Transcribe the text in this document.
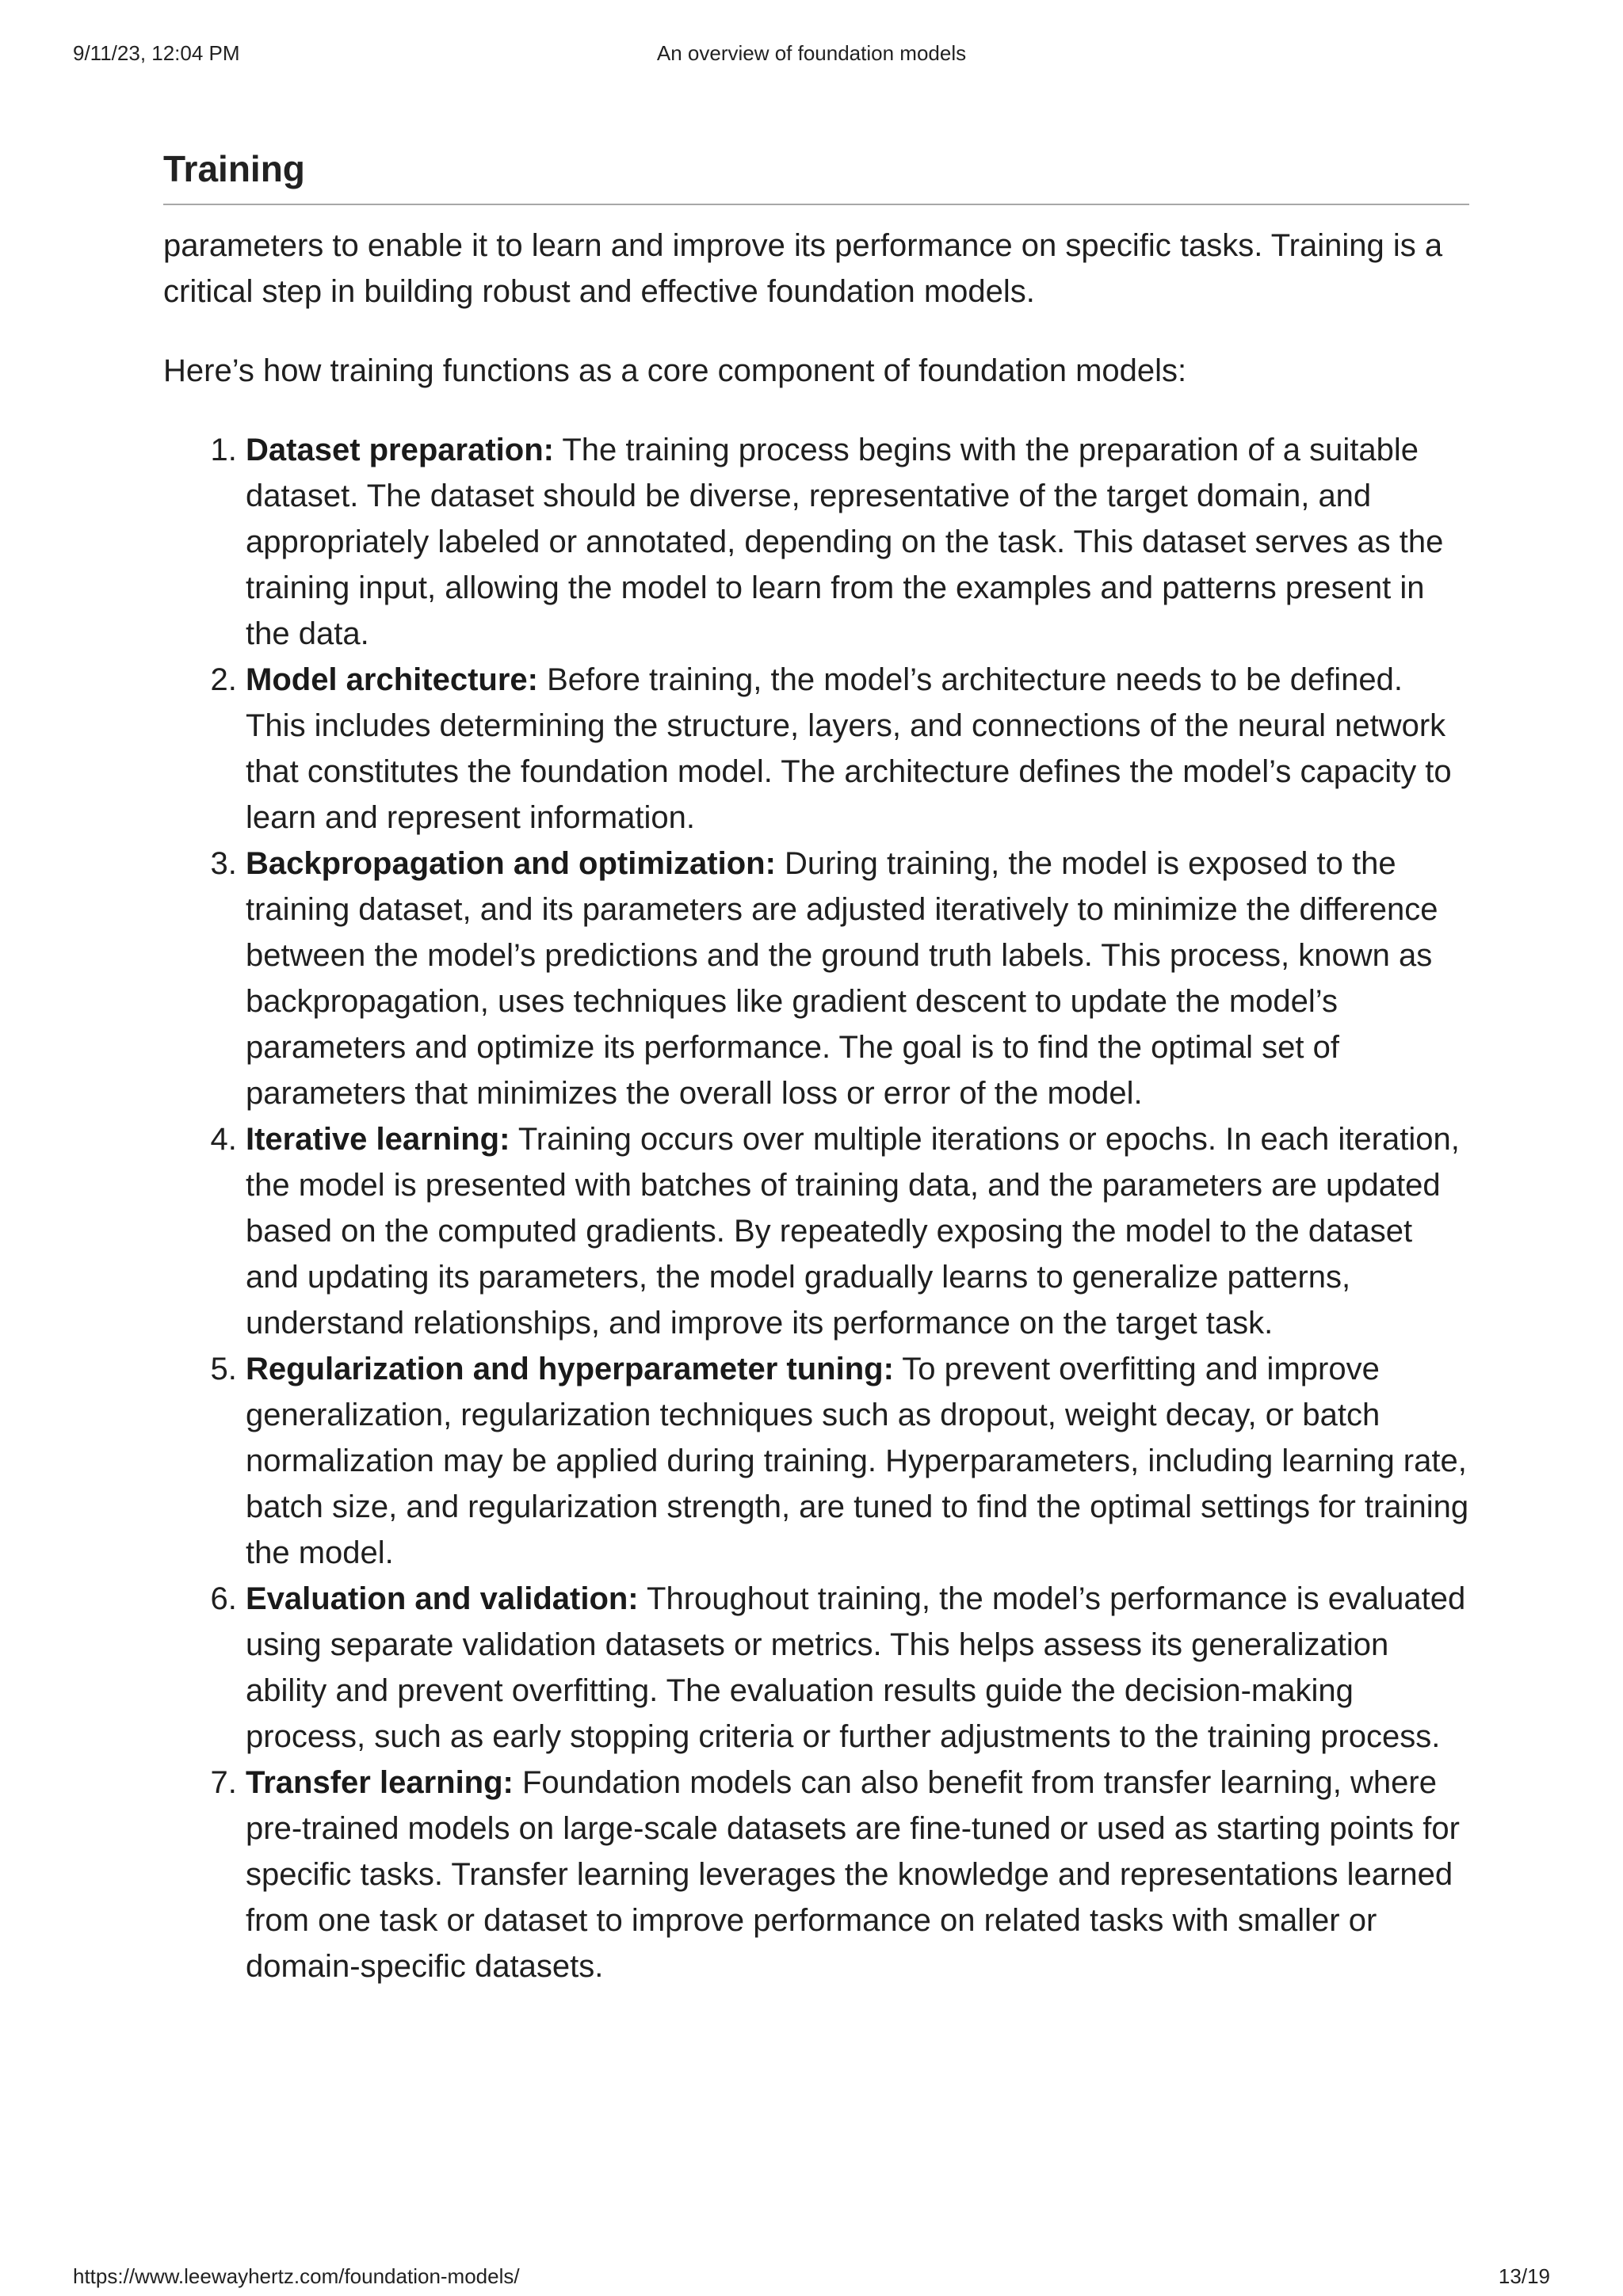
9/11/23, 12:04 PM	An overview of foundation models
Training

parameters to enable it to learn and improve its performance on specific tasks. Training is a critical step in building robust and effective foundation models.

Here’s how training functions as a core component of foundation models:

1. Dataset preparation: The training process begins with the preparation of a suitable dataset. The dataset should be diverse, representative of the target domain, and appropriately labeled or annotated, depending on the task. This dataset serves as the training input, allowing the model to learn from the examples and patterns present in the data.
2. Model architecture: Before training, the model’s architecture needs to be defined. This includes determining the structure, layers, and connections of the neural network that constitutes the foundation model. The architecture defines the model’s capacity to learn and represent information.
3. Backpropagation and optimization: During training, the model is exposed to the training dataset, and its parameters are adjusted iteratively to minimize the difference between the model’s predictions and the ground truth labels. This process, known as backpropagation, uses techniques like gradient descent to update the model’s parameters and optimize its performance. The goal is to find the optimal set of parameters that minimizes the overall loss or error of the model.
4. Iterative learning: Training occurs over multiple iterations or epochs. In each iteration, the model is presented with batches of training data, and the parameters are updated based on the computed gradients. By repeatedly exposing the model to the dataset and updating its parameters, the model gradually learns to generalize patterns, understand relationships, and improve its performance on the target task.
5. Regularization and hyperparameter tuning: To prevent overfitting and improve generalization, regularization techniques such as dropout, weight decay, or batch normalization may be applied during training. Hyperparameters, including learning rate, batch size, and regularization strength, are tuned to find the optimal settings for training the model.
6. Evaluation and validation: Throughout training, the model’s performance is evaluated using separate validation datasets or metrics. This helps assess its generalization ability and prevent overfitting. The evaluation results guide the decision-making process, such as early stopping criteria or further adjustments to the training process.
7. Transfer learning: Foundation models can also benefit from transfer learning, where pre-trained models on large-scale datasets are fine-tuned or used as starting points for specific tasks. Transfer learning leverages the knowledge and representations learned from one task or dataset to improve performance on related tasks with smaller or domain-specific datasets.
https://www.leewayhertz.com/foundation-models/	13/19
